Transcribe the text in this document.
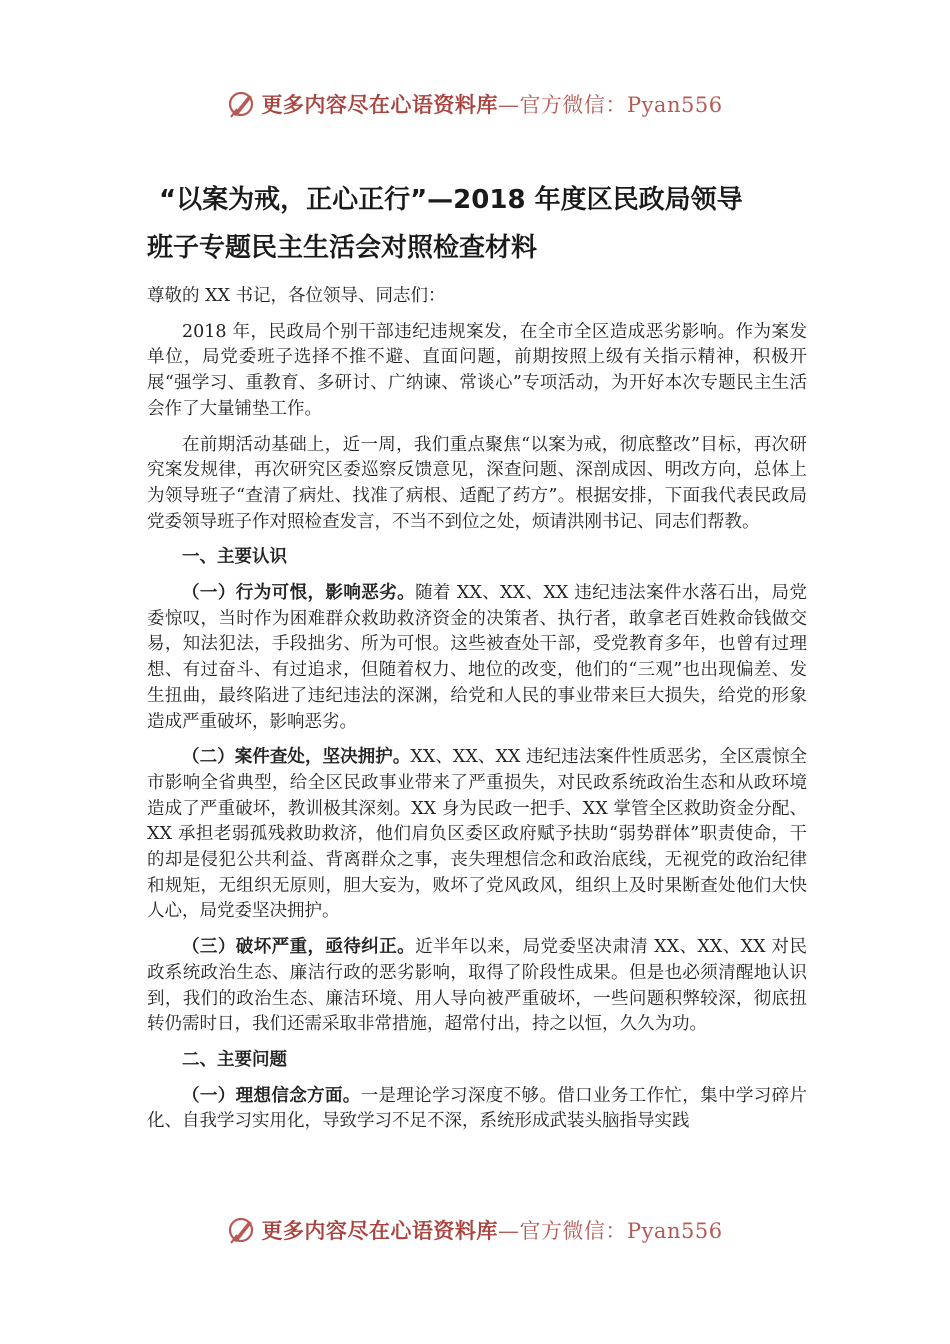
更多内容尽在心语资料库—官方微信：Pyan556
“以案为戒，正心正行”—2018 年度区民政局领导
班子专题民主生活会对照检查材料

尊敬的 XX 书记，各位领导、同志们：

2018 年，民政局个别干部违纪违规案发，在全市全区造成恶劣影响。作为案发单位，局党委班子选择不推不避、直面问题，前期按照上级有关指示精神，积极开展“强学习、重教育、多研讨、广纳谏、常谈心”专项活动，为开好本次专题民主生活会作了大量铺垫工作。

在前期活动基础上，近一周，我们重点聚焦“以案为戒，彻底整改”目标，再次研究案发规律，再次研究区委巡察反馈意见，深查问题、深剖成因、明改方向，总体上为领导班子“查清了病灶、找准了病根、适配了药方”。根据安排，下面我代表民政局党委领导班子作对照检查发言，不当不到位之处，烦请洪刚书记、同志们帮教。

一、主要认识

（一）行为可恨，影响恶劣。随着 XX、XX、XX 违纪违法案件水落石出，局党委惊叹，当时作为困难群众救助救济资金的决策者、执行者，敢拿老百姓救命钱做交易，知法犯法，手段拙劣、所为可恨。这些被查处干部，受党教育多年，也曾有过理想、有过奋斗、有过追求，但随着权力、地位的改变，他们的“三观”也出现偏差、发生扭曲，最终陷进了违纪违法的深渊，给党和人民的事业带来巨大损失，给党的形象造成严重破坏，影响恶劣。

（二）案件查处，坚决拥护。XX、XX、XX 违纪违法案件性质恶劣，全区震惊全市影响全省典型，给全区民政事业带来了严重损失，对民政系统政治生态和从政环境造成了严重破坏，教训极其深刻。XX 身为民政一把手、XX 掌管全区救助资金分配、XX 承担老弱孤残救助救济，他们肩负区委区政府赋予扶助“弱势群体”职责使命，干的却是侵犯公共利益、背离群众之事，丧失理想信念和政治底线，无视党的政治纪律和规矩，无组织无原则，胆大妄为，败坏了党风政风，组织上及时果断查处他们大快人心，局党委坚决拥护。

（三）破坏严重，亟待纠正。近半年以来，局党委坚决肃清 XX、XX、XX 对民政系统政治生态、廉洁行政的恶劣影响，取得了阶段性成果。但是也必须清醒地认识到，我们的政治生态、廉洁环境、用人导向被严重破坏，一些问题积弊较深，彻底扭转仍需时日，我们还需采取非常措施，超常付出，持之以恒，久久为功。

二、主要问题

（一）理想信念方面。一是理论学习深度不够。借口业务工作忙，集中学习碎片化、自我学习实用化，导致学习不足不深，系统形成武装头脑指导实践

更多内容尽在心语资料库—官方微信：Pyan556
